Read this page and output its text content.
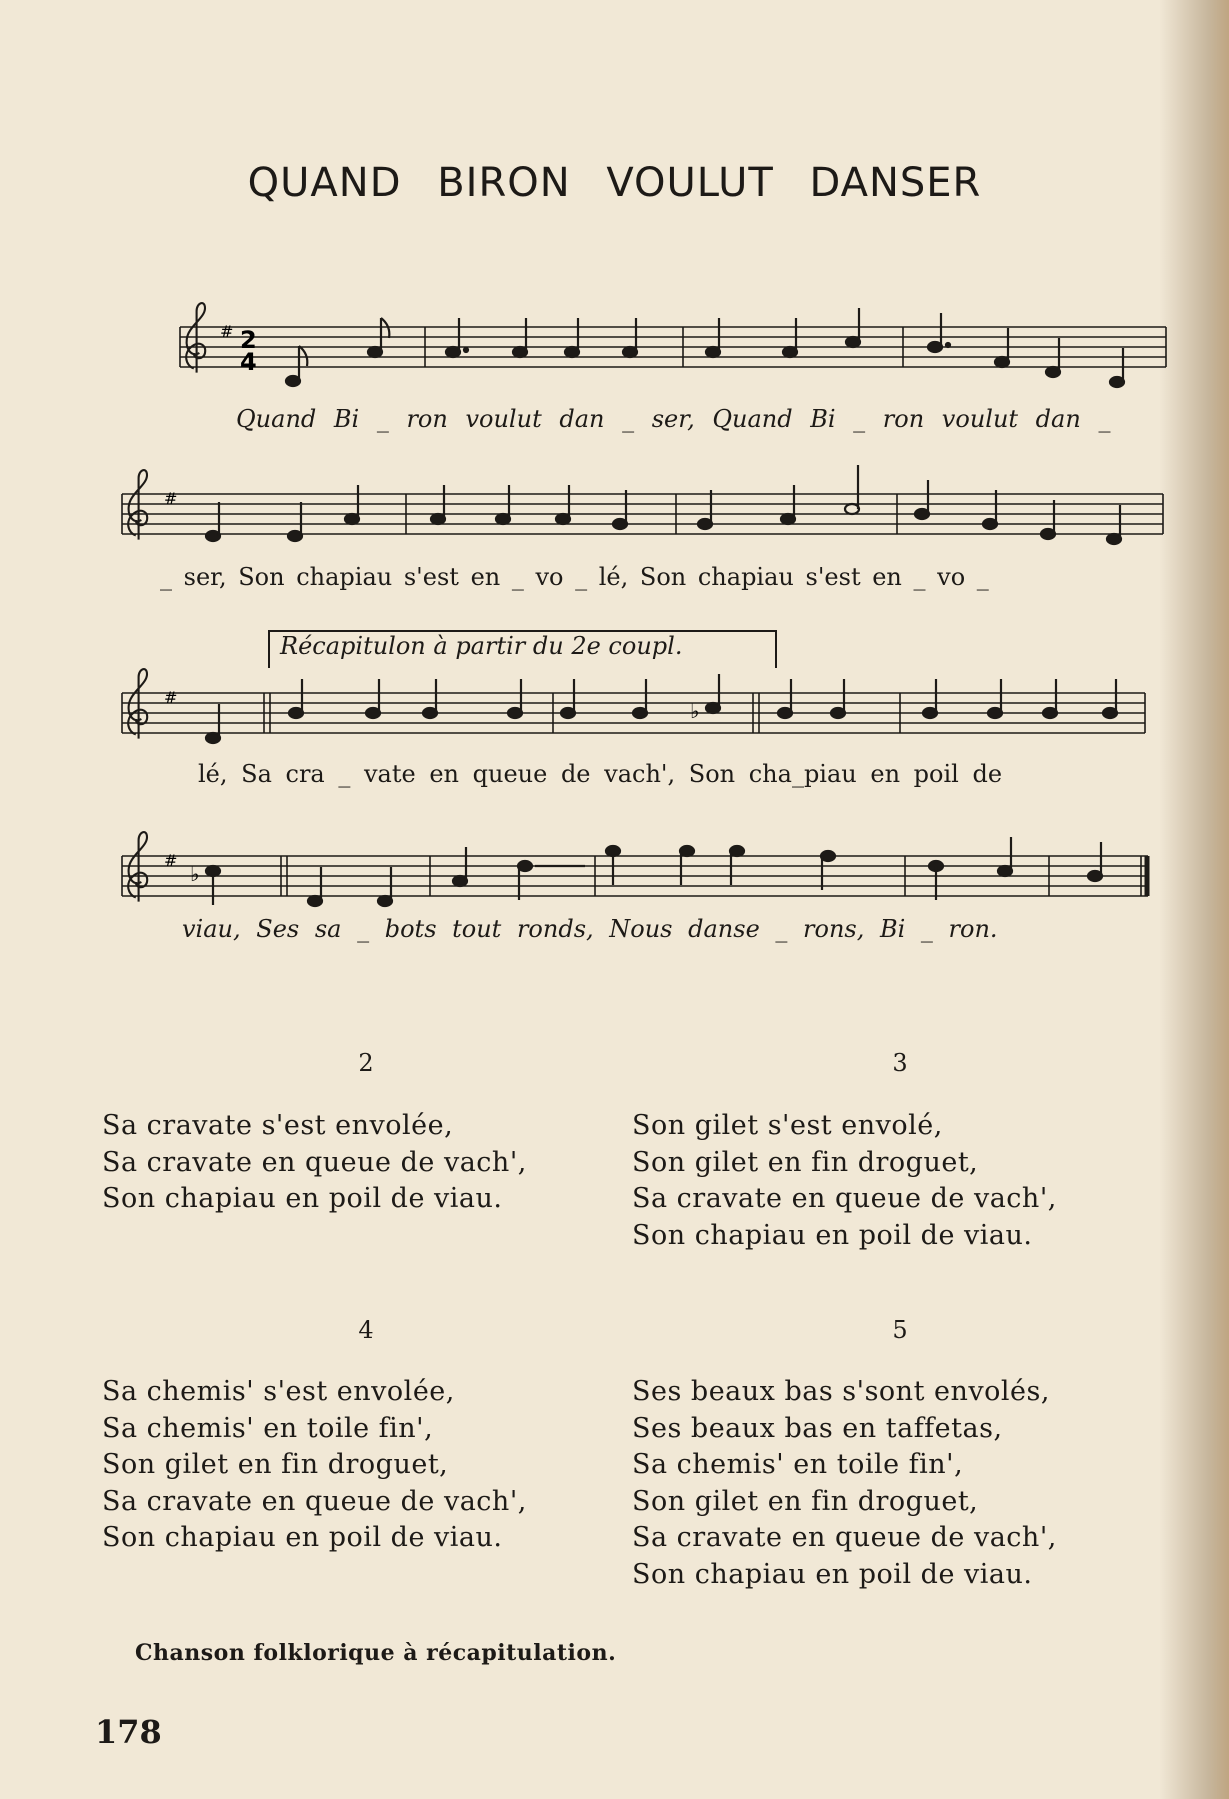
QUAND BIRON VOULUT DANSER
# 2
4
#
#
♭
#
♭
Récapitulon à partir du 2e coupl.
Quand Bi _ ron voulut dan _ ser, Quand Bi _ ron voulut dan _
_ ser, Son chapiau s'est en _ vo _ lé, Son chapiau s'est en _ vo _
lé, Sa cra _ vate en queue de vach', Son cha_piau en poil de
viau, Ses sa _ bots tout ronds, Nous danse _ rons, Bi _ ron.
2
Sa cravate s'est envolée,
Sa cravate en queue de vach',
Son chapiau en poil de viau.
3
Son gilet s'est envolé,
Son gilet en fin droguet,
Sa cravate en queue de vach',
Son chapiau en poil de viau.
4
Sa chemis' s'est envolée,
Sa chemis' en toile fin',
Son gilet en fin droguet,
Sa cravate en queue de vach',
Son chapiau en poil de viau.
5
Ses beaux bas s'sont envolés,
Ses beaux bas en taffetas,
Sa chemis' en toile fin',
Son gilet en fin droguet,
Sa cravate en queue de vach',
Son chapiau en poil de viau.
Chanson folklorique à récapitulation.
178
